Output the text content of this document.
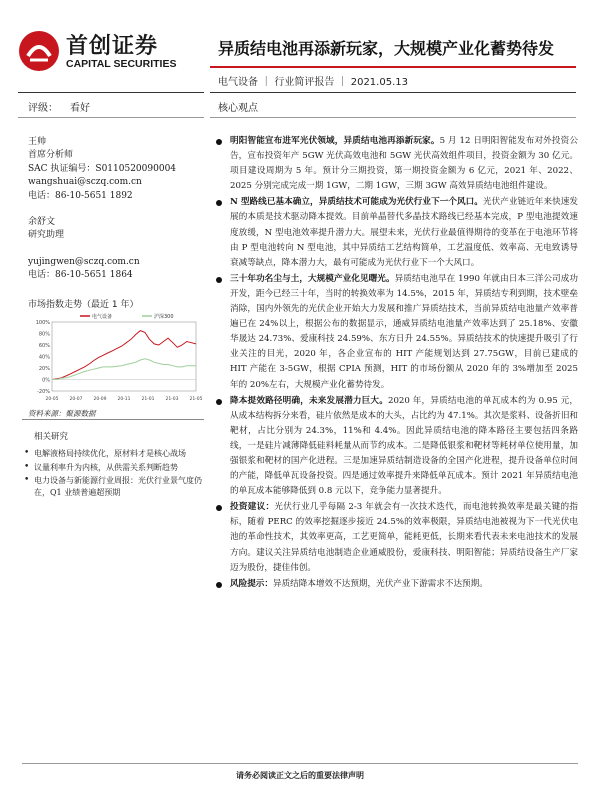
首创证券
CAPITAL SECURITIES
异质结电池再添新玩家，大规模产业化蓄势待发
电气设备 ｜ 行业简评报告 ｜ 2021.05.13
评级： 看好	核心观点
王帅
首席分析师
SAC 执证编号：S0110520090004
wangshuai@sczq.com.cn
电话：86-10-5651 1892
余舒文
研究助理
yujingwen@sczq.com.cn
电话：86-10-5651 1864
市场指数走势（最近 1 年）
100%
80%
60%
40%
20%
0%
-20%
20-05 20-07 20-09 20-11 21-01 21-03 21-05
电气设备	沪深300
资料来源：聚源数据
相关研究
• 电解液格局持续优化，原材料才是核心战场
• 议量利率升为内核，从供需关系判断趋势
• 电力设备与新能源行业周报：光伏行业景气度仍在，Q1 业绩普遍超预期
明阳智能宣布进军光伏领域，异质结电池再添新玩家。5 月 12 日明阳智能发布对外投资公告，宣布投资年产 5GW 光伏高效电池和 5GW 光伏高效组件项目，投资金额为 30 亿元。项目建设周期为 5 年。预计分三期投资，第一期投资金额为 6 亿元，2021 年、2022、2025 分别完成完成一期 1GW，二期 1GW，三期 3GW 高效异质结电池组件建设。
N 型路线已基本确立，异质结技术可能成为光伏行业下一个风口。光伏产业链近年来快速发展的本质是技术驱动降本提效。目前单晶替代多晶技术路线已经基本完成，P 型电池提效速度放缓，N 型电池效率提升潜力大。展望未来，光伏行业最值得期待的变革在于电池环节将由 P 型电池转向 N 型电池，其中异质结工艺结构简单，工艺温度低、效率高、无电致诱导衰减等缺点，降本潜力大，最有可能成为光伏行业下一个大风口。
三十年功名尘与土，大规模产业化见曙光。异质结电池早在 1990 年就由日本三洋公司成功开发，距今已经三十年，当时的转换效率为 14.5%，2015 年，异质结专利到期，技术壁垒消除，国内外领先的光伏企业开始大力发展和推广异质结技术，当前异质结电池量产效率普遍已在 24%以上，根据公布的数据显示，通威异质结电池量产效率达到了 25.18%、安徽华晟达 24.73%、爱康科技 24.59%、东方日升 24.55%。异质结技术的快速提升吸引了行业关注的目光，2020 年，各企业宣布的 HIT 产能规划达到 27.75GW，目前已建成的 HIT 产能在 3-5GW，根据 CPIA 预测，HIT 的市场份额从 2020 年的 3%增加至 2025 年的 20%左右，大规模产业化蓄势待发。
降本提效路径明确，未来发展潜力巨大。2020 年，异质结电池的单瓦成本约为 0.95 元，从成本结构拆分来看，硅片依然是成本的大头，占比约为 47.1%。其次是浆料、设备折旧和靶材，占比分别为 24.3%，11%和 4.4%。因此异质结电池的降本路径主要包括四条路线，一是硅片减薄降低硅料耗量从而节约成本。二是降低银浆和靶材等耗材单位使用量，加强银浆和靶材的国产化进程。三是加速异质结制造设备的全国产化进程，提升设备单位时间的产能，降低单瓦设备投资。四是通过效率提升来降低单瓦成本。预计 2021 年异质结电池的单瓦成本能够降低到 0.8 元以下，竞争能力显著提升。
投资建议：光伏行业几乎每隔 2-3 年就会有一次技术迭代，而电池转换效率是最关键的指标，随着 PERC 的效率挖掘逐步接近 24.5%的效率极限，异质结电池被视为下一代光伏电池的革命性技术，其效率更高，工艺更简单，能耗更低，长期来看代表未来电池技术的发展方向。建议关注异质结电池制造企业通威股份，爱康科技、明阳智能；异质结设备生产厂家迈为股份，捷佳伟创。
风险提示：异质结降本增效不达预期，光伏产业下游需求不达预期。
请务必阅读正文之后的重要法律声明
